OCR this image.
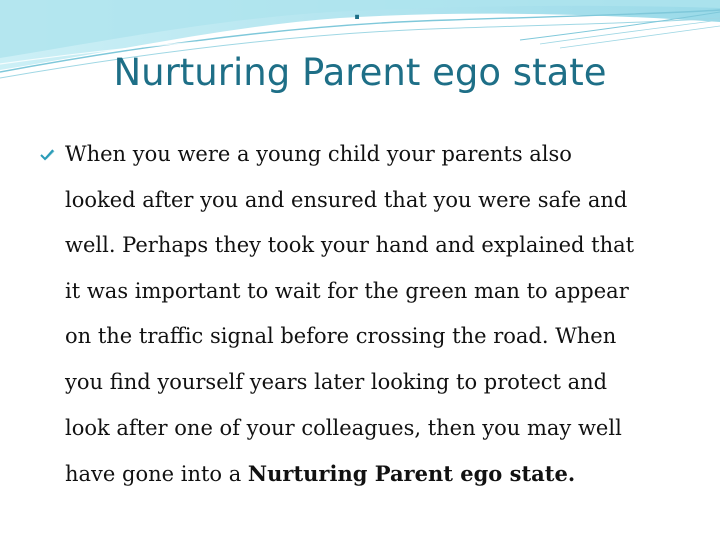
.
Nurturing Parent ego state
When you were a young child your parents also
looked after you and ensured that you were safe and
well. Perhaps they took your hand and explained that
it was important to wait for the green man to appear
on the traffic signal before crossing the road. When
you find yourself years later looking to protect and
look after one of your colleagues, then you may well
have gone into a Nurturing Parent ego state.
